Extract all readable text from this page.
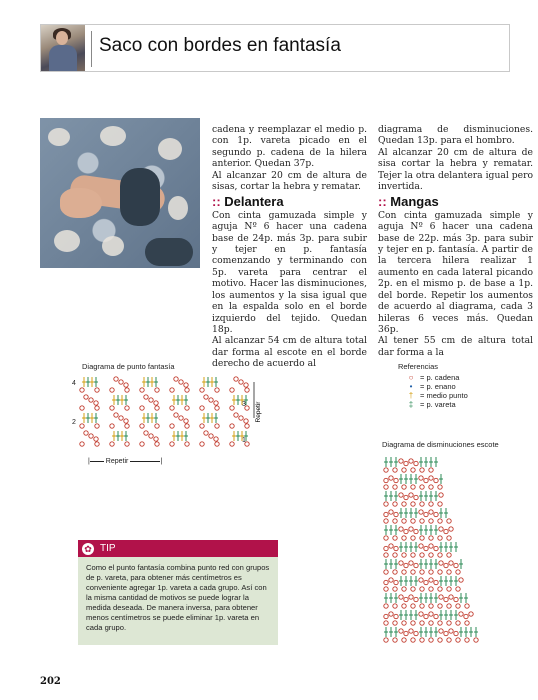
Saco con bordes en fantasía

cadena y reemplazar el medio p. con 1p. vareta picado en el segundo p. cadena de la hilera anterior. Quedan 37p.

Al alcanzar 20 cm de altura de sisas, cortar la hebra y rematar.

:: Delantera

Con cinta gamuzada simple y aguja Nº 6 hacer una cadena base de 24p. más 3p. para subir y tejer en p. fantasía comenzando y terminando con 5p. vareta para centrar el motivo. Hacer las disminuciones, los aumentos y la sisa igual que en la espalda solo en el borde izquierdo del tejido. Quedan 18p.

Al alcanzar 54 cm de altura total dar forma al escote en el borde derecho de acuerdo al

diagrama de disminuciones. Quedan 13p. para el hombro.

Al alcanzar 20 cm de altura de sisa cortar la hebra y rematar. Tejer la otra delantera igual pero invertida.

:: Mangas

Con cinta gamuzada simple y aguja Nº 6 hacer una cadena base de 22p. más 3p. para subir y tejer en p. fantasía. A partir de la tercera hilera realizar 1 aumento en cada lateral picando 2p. en el mismo p. de base a 1p. del borde. Repetir los aumentos de acuerdo al diagrama, cada 3 hileras 6 veces más. Quedan 36p.

Al tener 55 cm de altura total dar forma a la

Diagrama de punto fantasía
4
3
2
1
Repetir
| Repetir	|
Referencias
○ = p. cadena
•	= p. enano
† = medio punto
‡ = p. vareta
Diagrama de disminuciones escote
✿ TIP
Como el punto fantasía combina punto red con grupos de p. vareta, para obtener más centímetros es conveniente agregar 1p. vareta a cada grupo. Así con la misma cantidad de motivos se puede lograr la medida deseada. De manera inversa, para obtener menos centímetros se puede eliminar 1p. vareta en cada grupo.
202
